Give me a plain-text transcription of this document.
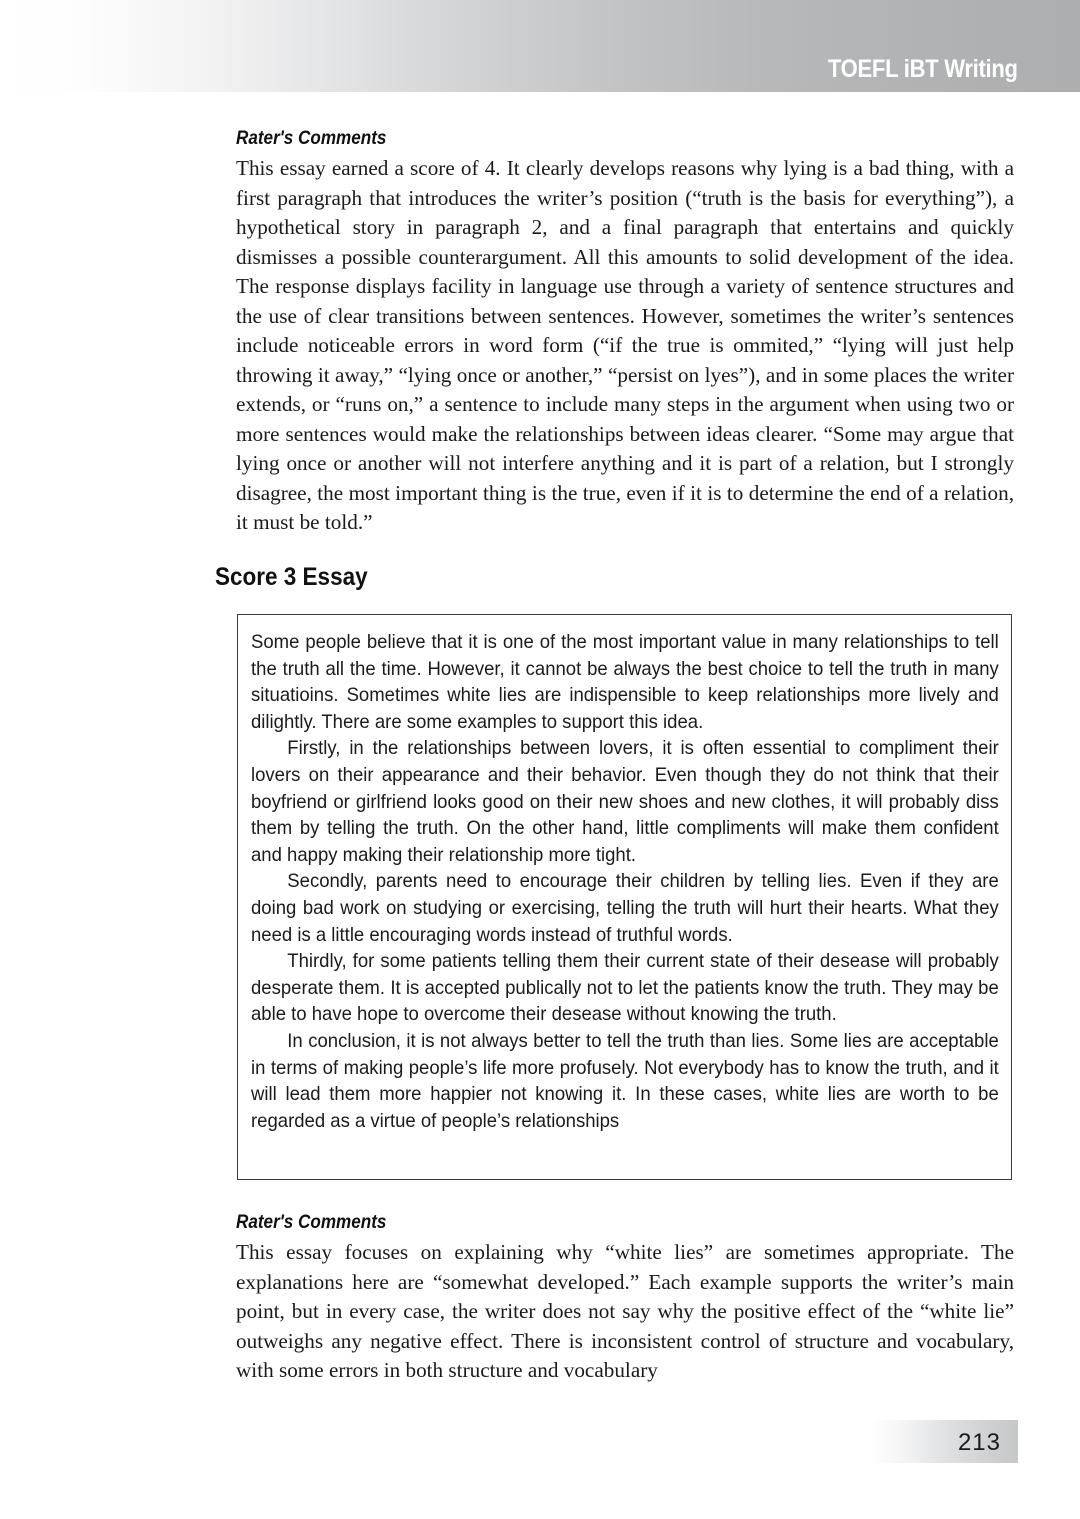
TOEFL iBT Writing
Rater's Comments
This essay earned a score of 4. It clearly develops reasons why lying is a bad thing, with a first paragraph that introduces the writer’s position (“truth is the basis for everything”), a hypothetical story in paragraph 2, and a final paragraph that entertains and quickly dismisses a possible counterargument. All this amounts to solid development of the idea. The response displays facility in language use through a variety of sentence structures and the use of clear transitions between sentences. However, sometimes the writer’s sentences include noticeable errors in word form (“if the true is ommited,” “lying will just help throwing it away,” “lying once or another,” “persist on lyes”), and in some places the writer extends, or “runs on,” a sentence to include many steps in the argument when using two or more sentences would make the relationships between ideas clearer. “Some may argue that lying once or another will not interfere anything and it is part of a relation, but I strongly disagree, the most important thing is the true, even if it is to determine the end of a relation, it must be told.”
Score 3 Essay

Some people believe that it is one of the most important value in many relationships to tell the truth all the time. However, it cannot be always the best choice to tell the truth in many situatioins. Sometimes white lies are indispensible to keep relationships more lively and dilightly. There are some examples to support this idea.

Firstly, in the relationships between lovers, it is often essential to compliment their lovers on their appearance and their behavior. Even though they do not think that their boyfriend or girlfriend looks good on their new shoes and new clothes, it will probably diss them by telling the truth. On the other hand, little compliments will make them confident and happy making their relationship more tight.

Secondly, parents need to encourage their children by telling lies. Even if they are doing bad work on studying or exercising, telling the truth will hurt their hearts. What they need is a little encouraging words instead of truthful words.

Thirdly, for some patients telling them their current state of their desease will probably desperate them. It is accepted publically not to let the patients know the truth. They may be able to have hope to overcome their desease without knowing the truth.

In conclusion, it is not always better to tell the truth than lies. Some lies are acceptable in terms of making people’s life more profusely. Not everybody has to know the truth, and it will lead them more happier not knowing it. In these cases, white lies are worth to be regarded as a virtue of people’s relationships

Rater's Comments
This essay focuses on explaining why “white lies” are sometimes appropriate. The explanations here are “somewhat developed.” Each example supports the writer’s main point, but in every case, the writer does not say why the positive effect of the “white lie” outweighs any negative effect. There is inconsistent control of structure and vocabulary, with some errors in both structure and vocabulary
213
